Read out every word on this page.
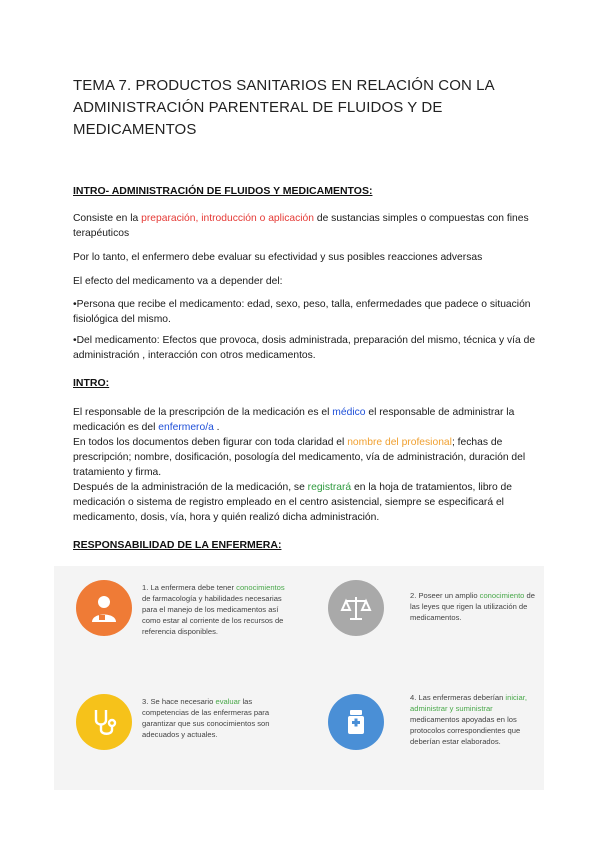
TEMA 7. PRODUCTOS SANITARIOS EN RELACIÓN CON LA ADMINISTRACIÓN PARENTERAL DE FLUIDOS Y DE MEDICAMENTOS
INTRO- ADMINISTRACIÓN DE FLUIDOS Y MEDICAMENTOS:
Consiste en la preparación, introducción o aplicación de sustancias simples o compuestas con fines terapéuticos
Por lo tanto, el enfermero debe evaluar su efectividad y sus posibles reacciones adversas
El efecto del medicamento va a depender del:
•Persona que recibe el medicamento: edad, sexo, peso, talla, enfermedades que padece o situación fisiológica del mismo.
•Del medicamento: Efectos que provoca, dosis administrada, preparación del mismo, técnica y vía de administración , interacción con otros medicamentos.
INTRO:
El responsable de la prescripción de la medicación es el médico el responsable de administrar la medicación es del enfermero/a .
En todos los documentos deben figurar con toda claridad el nombre del profesional; fechas de prescripción; nombre, dosificación, posología del medicamento, vía de administración, duración del tratamiento y firma.
Después de la administración de la medicación, se registrará en la hoja de tratamientos, libro de medicación o sistema de registro empleado en el centro asistencial, siempre se especificará el medicamento, dosis, vía, hora y quién realizó dicha administración.
RESPONSABILIDAD DE LA ENFERMERA:
1. La enfermera debe tener conocimientos de farmacología y habilidades necesarias para el manejo de los medicamentos así como estar al corriente de los recursos de referencia disponibles.
2. Poseer un amplio conocimiento de las leyes que rigen la utilización de medicamentos.
3. Se hace necesario evaluar las competencias de las enfermeras para garantizar que sus conocimientos son adecuados y actuales.
4. Las enfermeras deberían iniciar, administrar y suministrar medicamentos apoyadas en los protocolos correspondientes que deberían estar elaborados.
